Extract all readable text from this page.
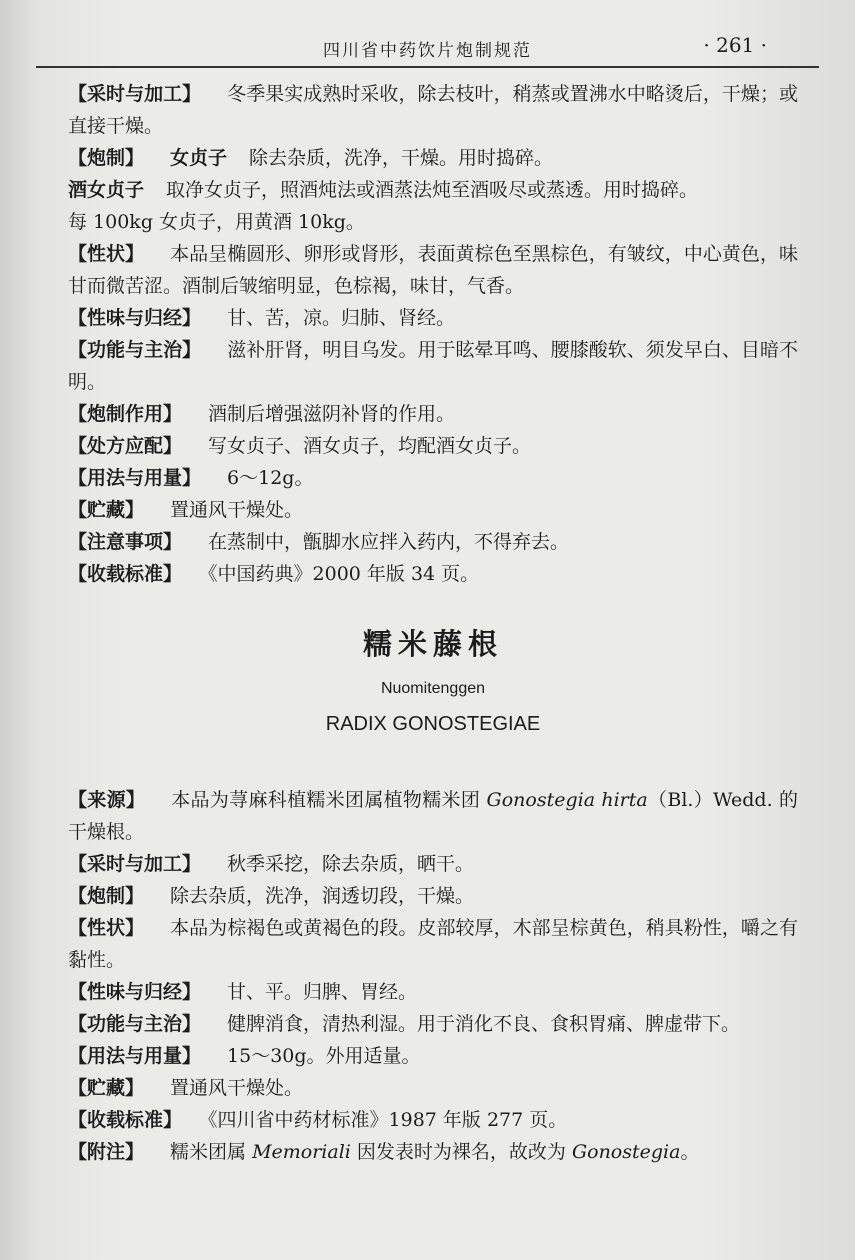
四川省中药饮片炮制规范	· 261 ·

【采时与加工】 冬季果实成熟时采收，除去枝叶，稍蒸或置沸水中略烫后，干燥；或直接干燥。

【炮制】 女贞子 除去杂质，洗净，干燥。用时捣碎。

酒女贞子 取净女贞子，照酒炖法或酒蒸法炖至酒吸尽或蒸透。用时捣碎。

每 100kg 女贞子，用黄酒 10kg。

【性状】 本品呈椭圆形、卵形或肾形，表面黄棕色至黑棕色，有皱纹，中心黄色，味甘而微苦涩。酒制后皱缩明显，色棕褐，味甘，气香。

【性味与归经】 甘、苦，凉。归肺、肾经。

【功能与主治】 滋补肝肾，明目乌发。用于眩晕耳鸣、腰膝酸软、须发早白、目暗不明。

【炮制作用】 酒制后增强滋阴补肾的作用。

【处方应配】 写女贞子、酒女贞子，均配酒女贞子。

【用法与用量】 6～12g。

【贮藏】 置通风干燥处。

【注意事项】 在蒸制中，甑脚水应拌入药内，不得弃去。

【收载标准】 《中国药典》2000 年版 34 页。

糯米藤根
Nuomitenggen
RADIX GONOSTEGIAE

【来源】 本品为荨麻科植糯米团属植物糯米团 Gonostegia hirta（Bl.）Wedd. 的干燥根。

【采时与加工】 秋季采挖，除去杂质，晒干。

【炮制】 除去杂质，洗净，润透切段，干燥。

【性状】 本品为棕褐色或黄褐色的段。皮部较厚，木部呈棕黄色，稍具粉性，嚼之有黏性。

【性味与归经】 甘、平。归脾、胃经。

【功能与主治】 健脾消食，清热利湿。用于消化不良、食积胃痛、脾虚带下。

【用法与用量】 15～30g。外用适量。

【贮藏】 置通风干燥处。

【收载标准】 《四川省中药材标准》1987 年版 277 页。

【附注】 糯米团属 Memoriali 因发表时为裸名，故改为 Gonostegia。
